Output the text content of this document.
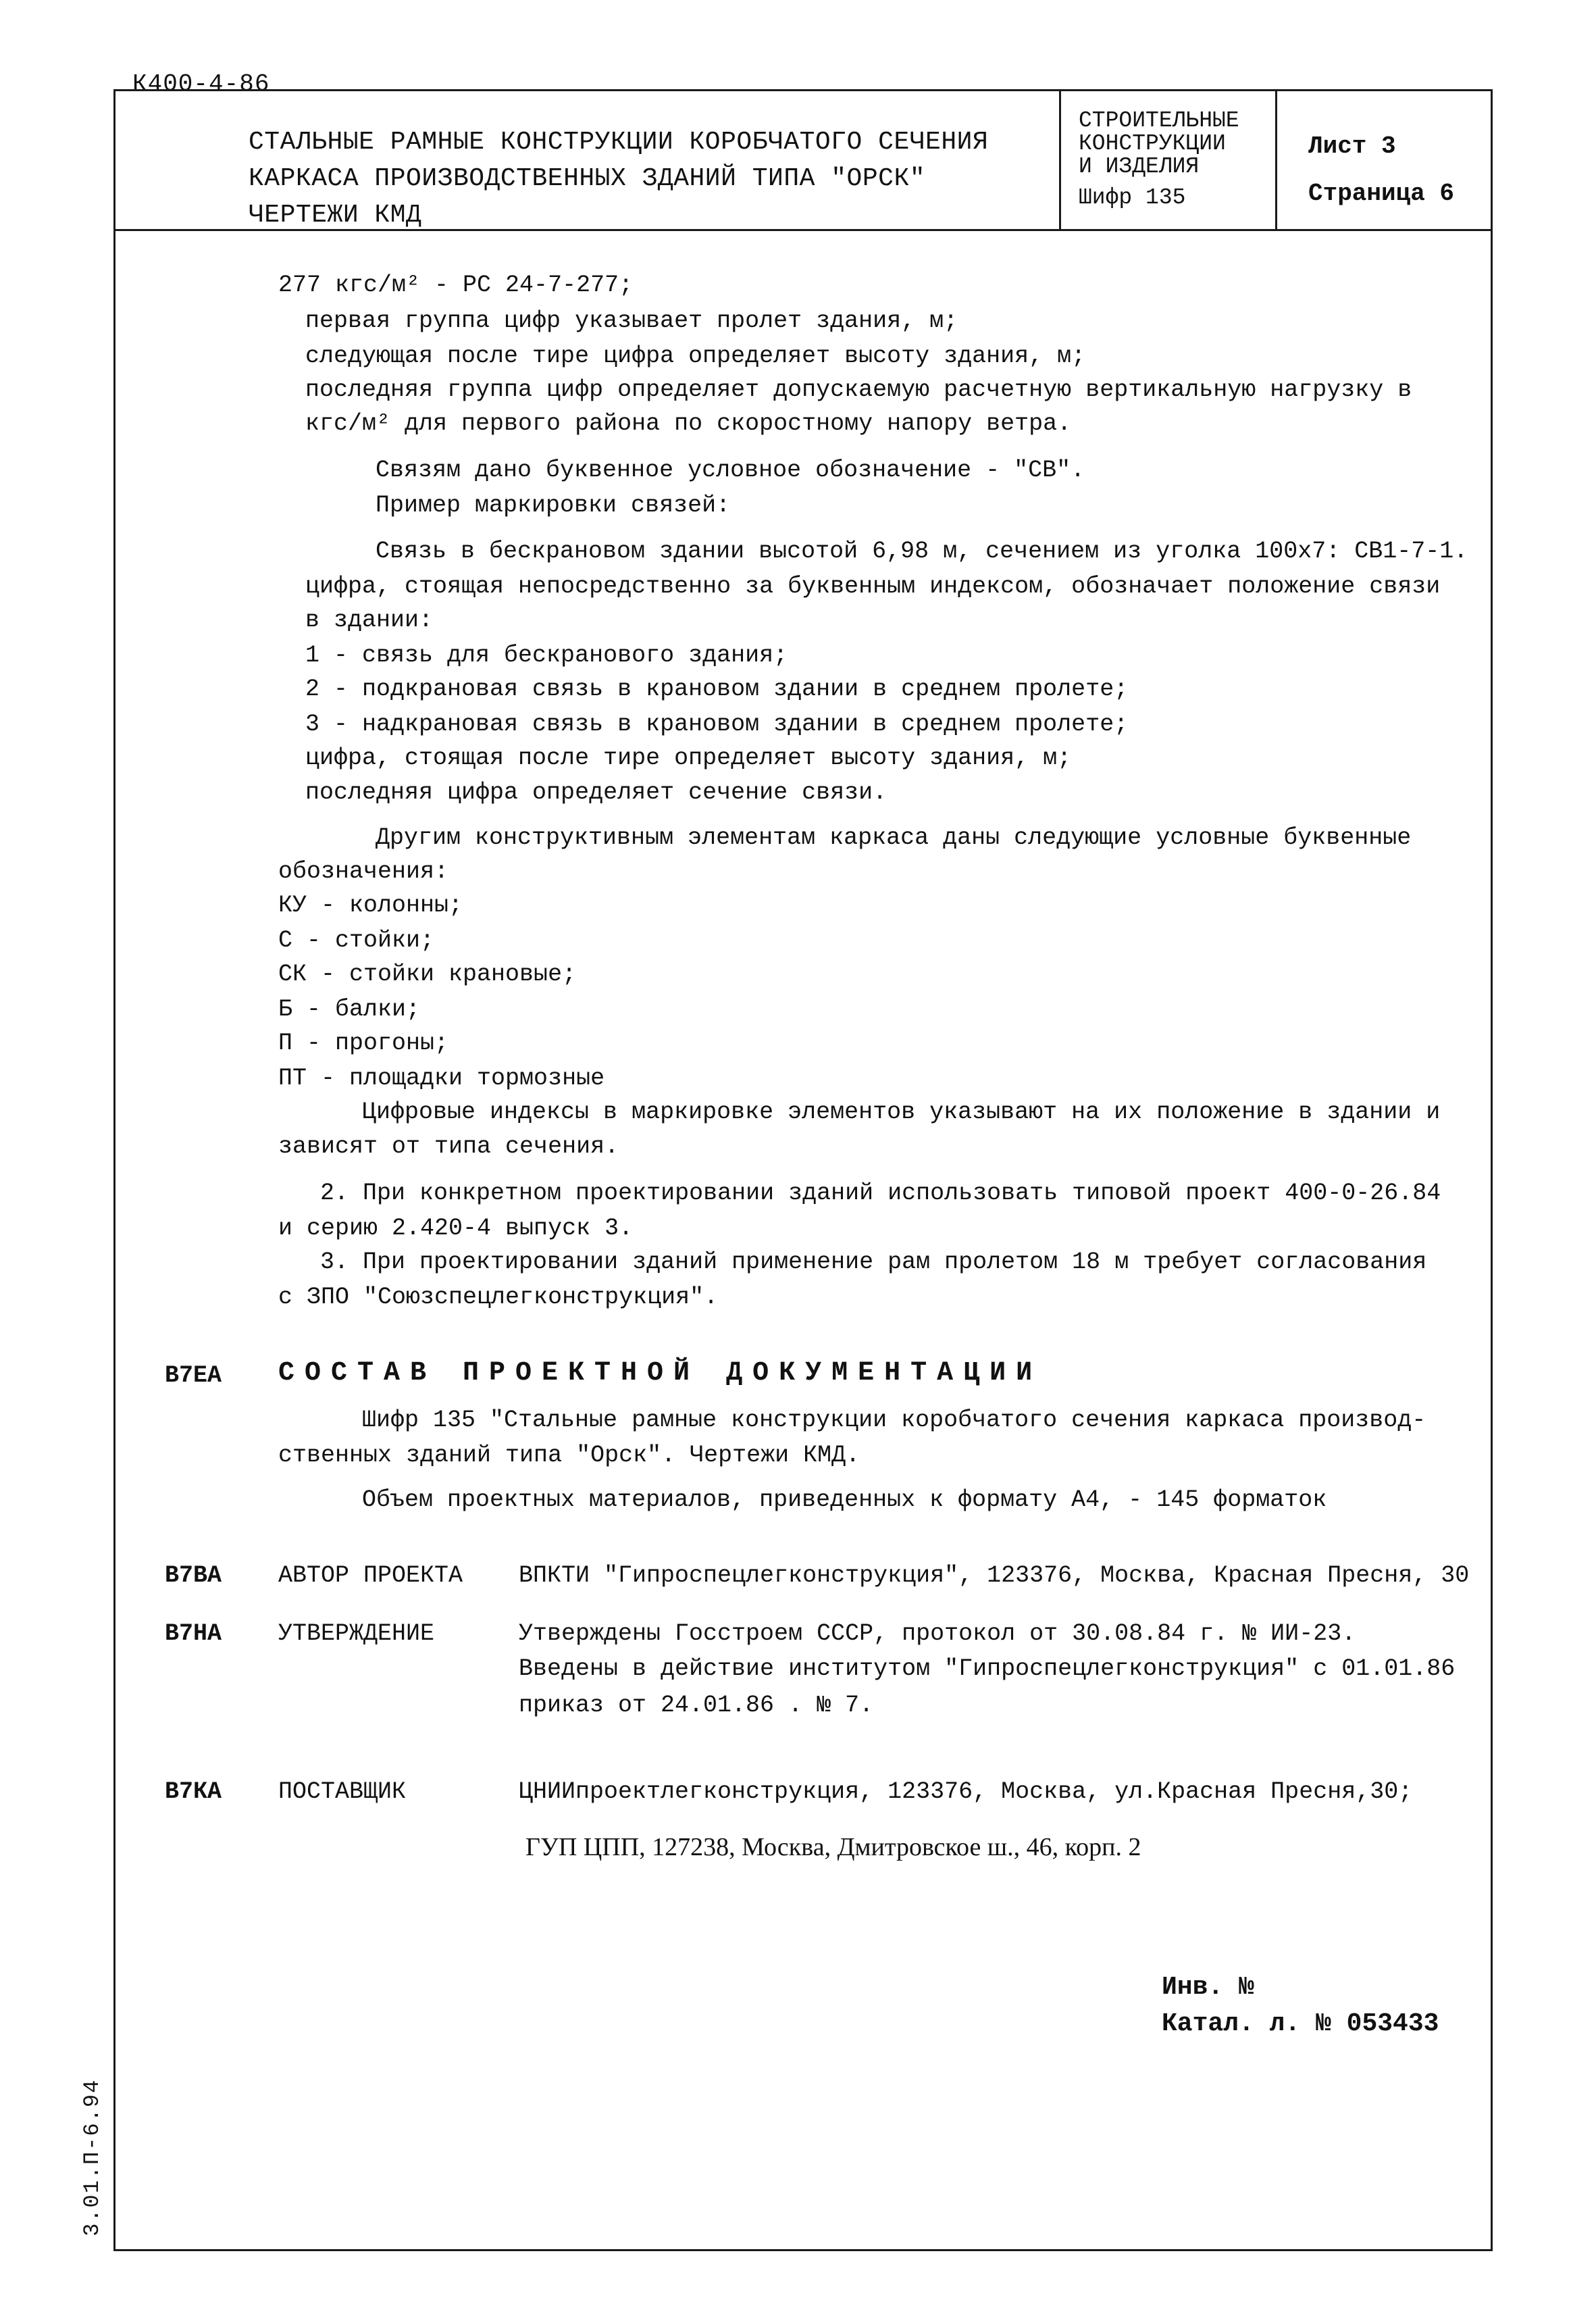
К400-4-86
СТАЛЬНЫЕ РАМНЫЕ КОНСТРУКЦИИ КОРОБЧАТОГО СЕЧЕНИЯ
КАРКАСА ПРОИЗВОДСТВЕННЫХ ЗДАНИЙ ТИПА "ОРСК"
ЧЕРТЕЖИ КМД
СТРОИТЕЛЬНЫЕ
КОНСТРУКЦИИ
И ИЗДЕЛИЯ
Шифр 135
Лист 3
Страница 6
277 кгс/м² - РС 24-7-277;
первая группа цифр указывает пролет здания, м;
следующая после тире цифра определяет высоту здания, м;
последняя группа цифр определяет допускаемую расчетную вертикальную нагрузку в
кгс/м² для первого района по скоростному напору ветра.
Связям дано буквенное условное обозначение - "СВ".
Пример маркировки связей:
Связь в бескрановом здании высотой 6,98 м, сечением из уголка 100х7: СВ1-7-1.
цифра, стоящая непосредственно за буквенным индексом, обозначает положение связи
в здании:
1 - связь для бескранового здания;
2 - подкрановая связь в крановом здании в среднем пролете;
3 - надкрановая связь в крановом здании в среднем пролете;
цифра, стоящая после тире определяет высоту здания, м;
последняя цифра определяет сечение связи.
Другим конструктивным элементам каркаса даны следующие условные буквенные
обозначения:
КУ - колонны;
С - стойки;
СК - стойки крановые;
Б - балки;
П - прогоны;
ПТ - площадки тормозные
Цифровые индексы в маркировке элементов указывают на их положение в здании и
зависят от типа сечения.
2. При конкретном проектировании зданий использовать типовой проект 400-0-26.84
и серию 2.420-4 выпуск 3.
3. При проектировании зданий применение рам пролетом 18 м требует согласования
с ЗПО "Союзспецлегконструкция".
В7ЕА СОСТАВ ПРОЕКТНОЙ ДОКУМЕНТАЦИИ
Шифр 135 "Стальные рамные конструкции коробчатого сечения каркаса производ-
ственных зданий типа "Орск". Чертежи КМД.
Объем проектных материалов, приведенных к формату А4, - 145 форматок
В7ВА АВТОР ПРОЕКТА ВПКТИ "Гипроспецлегконструкция", 123376, Москва, Красная Пресня, 30
В7НА УТВЕРЖДЕНИЕ	Утверждены Госстроем СССР, протокол от 30.08.84 г. № ИИ-23.
Введены в действие институтом "Гипроспецлегконструкция" с 01.01.86
приказ от 24.01.86 . № 7.
В7КА ПОСТАВЩИК	ЦНИИпроектлегконструкция, 123376, Москва, ул.Красная Пресня,30;
ГУП ЦПП, 127238, Москва, Дмитровское ш., 46, корп. 2
Инв. №
Катал. л. № 053433
3.01.П-6.94
